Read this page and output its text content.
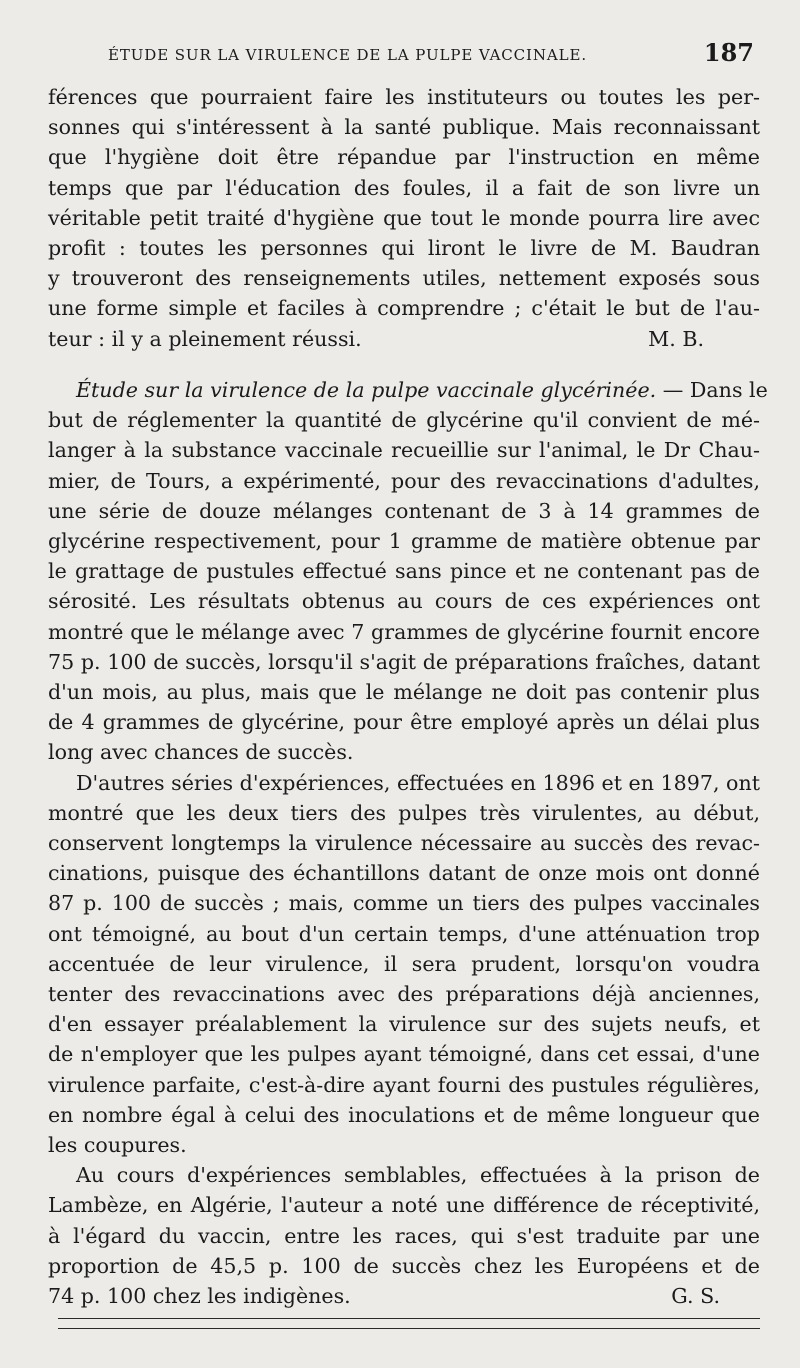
ÉTUDE SUR LA VIRULENCE DE LA PULPE VACCINALE.	187
férences que pourraient faire les instituteurs ou toutes les per-
sonnes qui s'intéressent à la santé publique. Mais reconnaissant
que l'hygiène doit être répandue par l'instruction en même
temps que par l'éducation des foules, il a fait de son livre un
véritable petit traité d'hygiène que tout le monde pourra lire avec
profit : toutes les personnes qui liront le livre de M. Baudran
y trouveront des renseignements utiles, nettement exposés sous
une forme simple et faciles à comprendre ; c'était le but de l'au-
teur : il y a pleinement réussi.	M. B.
Étude sur la virulence de la pulpe vaccinale glycérinée. — Dans le
but de réglementer la quantité de glycérine qu'il convient de mé-
langer à la substance vaccinale recueillie sur l'animal, le Dr Chau-
mier, de Tours, a expérimenté, pour des revaccinations d'adultes,
une série de douze mélanges contenant de 3 à 14 grammes de
glycérine respectivement, pour 1 gramme de matière obtenue par
le grattage de pustules effectué sans pince et ne contenant pas de
sérosité. Les résultats obtenus au cours de ces expériences ont
montré que le mélange avec 7 grammes de glycérine fournit encore
75 p. 100 de succès, lorsqu'il s'agit de préparations fraîches, datant
d'un mois, au plus, mais que le mélange ne doit pas contenir plus
de 4 grammes de glycérine, pour être employé après un délai plus
long avec chances de succès.
D'autres séries d'expériences, effectuées en 1896 et en 1897, ont
montré que les deux tiers des pulpes très virulentes, au début,
conservent longtemps la virulence nécessaire au succès des revac-
cinations, puisque des échantillons datant de onze mois ont donné
87 p. 100 de succès ; mais, comme un tiers des pulpes vaccinales
ont témoigné, au bout d'un certain temps, d'une atténuation trop
accentuée de leur virulence, il sera prudent, lorsqu'on voudra
tenter des revaccinations avec des préparations déjà anciennes,
d'en essayer préalablement la virulence sur des sujets neufs, et
de n'employer que les pulpes ayant témoigné, dans cet essai, d'une
virulence parfaite, c'est-à-dire ayant fourni des pustules régulières,
en nombre égal à celui des inoculations et de même longueur que
les coupures.
Au cours d'expériences semblables, effectuées à la prison de
Lambèze, en Algérie, l'auteur a noté une différence de réceptivité,
à l'égard du vaccin, entre les races, qui s'est traduite par une
proportion de 45,5 p. 100 de succès chez les Européens et de
74 p. 100 chez les indigènes.	G. S.
